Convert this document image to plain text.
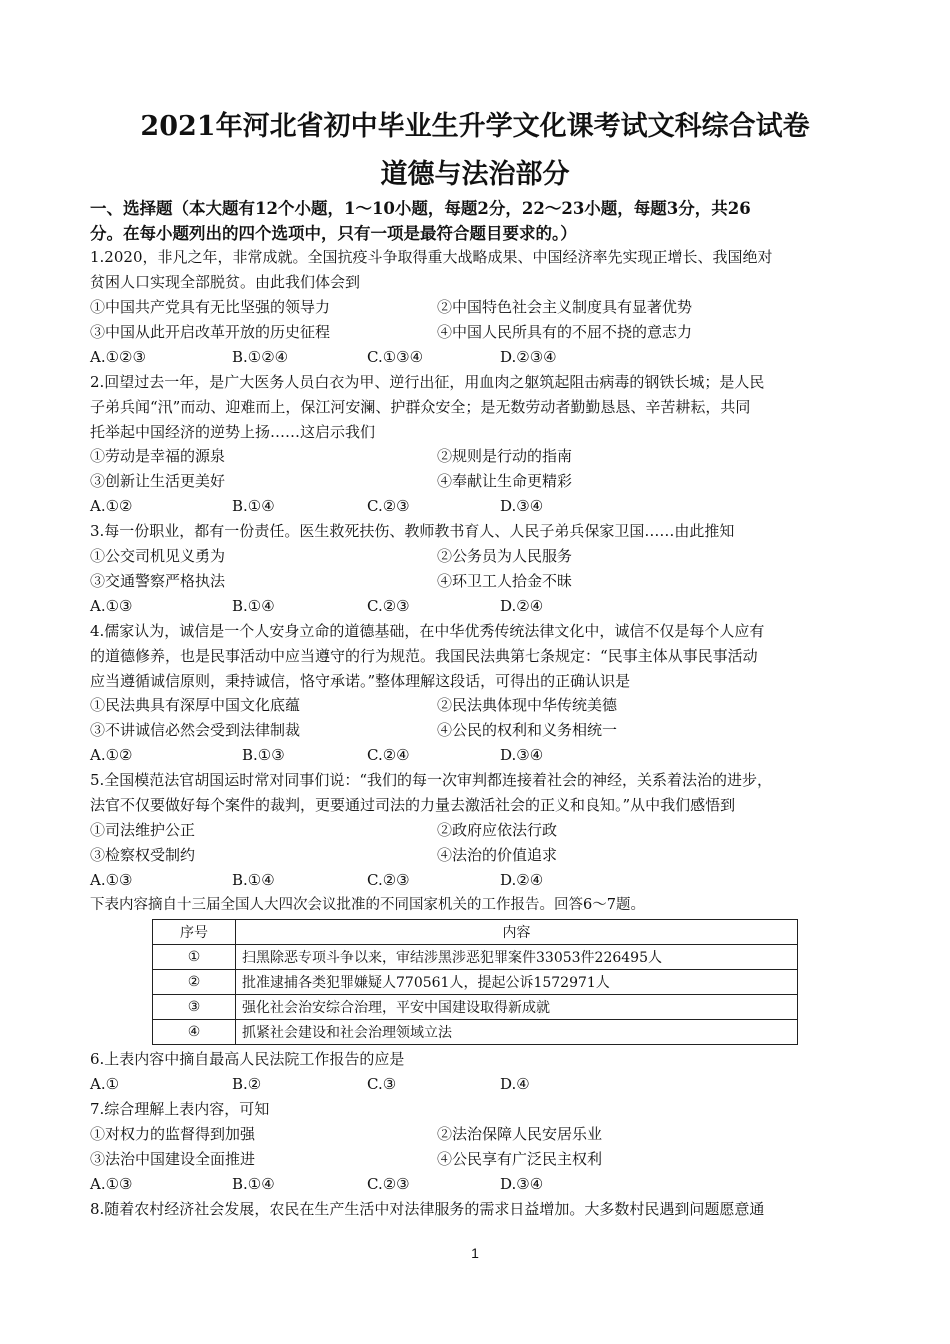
2021年河北省初中毕业生升学文化课考试文科综合试卷
道德与法治部分
一、选择题（本大题有12个小题，1～10小题，每题2分，22～23小题，每题3分，共26
分。在每小题列出的四个选项中，只有一项是最符合题目要求的。）
1.2020，非凡之年，非常成就。全国抗疫斗争取得重大战略成果、中国经济率先实现正增长、我国绝对
贫困人口实现全部脱贫。由此我们体会到
①中国共产党具有无比坚强的领导力	②中国特色社会主义制度具有显著优势
③中国从此开启改革开放的历史征程	④中国人民所具有的不屈不挠的意志力
A.①②③	B.①②④	C.①③④	D.②③④
2.回望过去一年，是广大医务人员白衣为甲、逆行出征，用血肉之躯筑起阻击病毒的钢铁长城；是人民
子弟兵闻“汛”而动、迎难而上，保江河安澜、护群众安全；是无数劳动者勤勤恳恳、辛苦耕耘，共同
托举起中国经济的逆势上扬……这启示我们
①劳动是幸福的源泉	②规则是行动的指南
③创新让生活更美好	④奉献让生命更精彩
A.①②	B.①④	C.②③	D.③④
3.每一份职业，都有一份责任。医生救死扶伤、教师教书育人、人民子弟兵保家卫国……由此推知
①公交司机见义勇为	②公务员为人民服务
③交通警察严格执法	④环卫工人拾金不昧
A.①③	B.①④	C.②③	D.②④
4.儒家认为，诚信是一个人安身立命的道德基础，在中华优秀传统法律文化中，诚信不仅是每个人应有
的道德修养，也是民事活动中应当遵守的行为规范。我国民法典第七条规定：“民事主体从事民事活动
应当遵循诚信原则，秉持诚信，恪守承诺。”整体理解这段话，可得出的正确认识是
①民法典具有深厚中国文化底蕴	②民法典体现中华传统美德
③不讲诚信必然会受到法律制裁	④公民的权利和义务相统一
A.①②	B.①③	C.②④	D.③④
5.全国模范法官胡国运时常对同事们说：“我们的每一次审判都连接着社会的神经，关系着法治的进步，
法官不仅要做好每个案件的裁判，更要通过司法的力量去激活社会的正义和良知。”从中我们感悟到
①司法维护公正	②政府应依法行政
③检察权受制约	④法治的价值追求
A.①③	B.①④	C.②③	D.②④
下表内容摘自十三届全国人大四次会议批准的不同国家机关的工作报告。回答6～7题。
序号	内容
①	扫黑除恶专项斗争以来，审结涉黑涉恶犯罪案件33053件226495人
②	批准逮捕各类犯罪嫌疑人770561人，提起公诉1572971人
③	强化社会治安综合治理，平安中国建设取得新成就
④	抓紧社会建设和社会治理领域立法
6.上表内容中摘自最高人民法院工作报告的应是
A.①	B.②	C.③	D.④
7.综合理解上表内容，可知
①对权力的监督得到加强	②法治保障人民安居乐业
③法治中国建设全面推进	④公民享有广泛民主权利
A.①③	B.①④	C.②③	D.③④
8.随着农村经济社会发展，农民在生产生活中对法律服务的需求日益增加。大多数村民遇到问题愿意通
1
